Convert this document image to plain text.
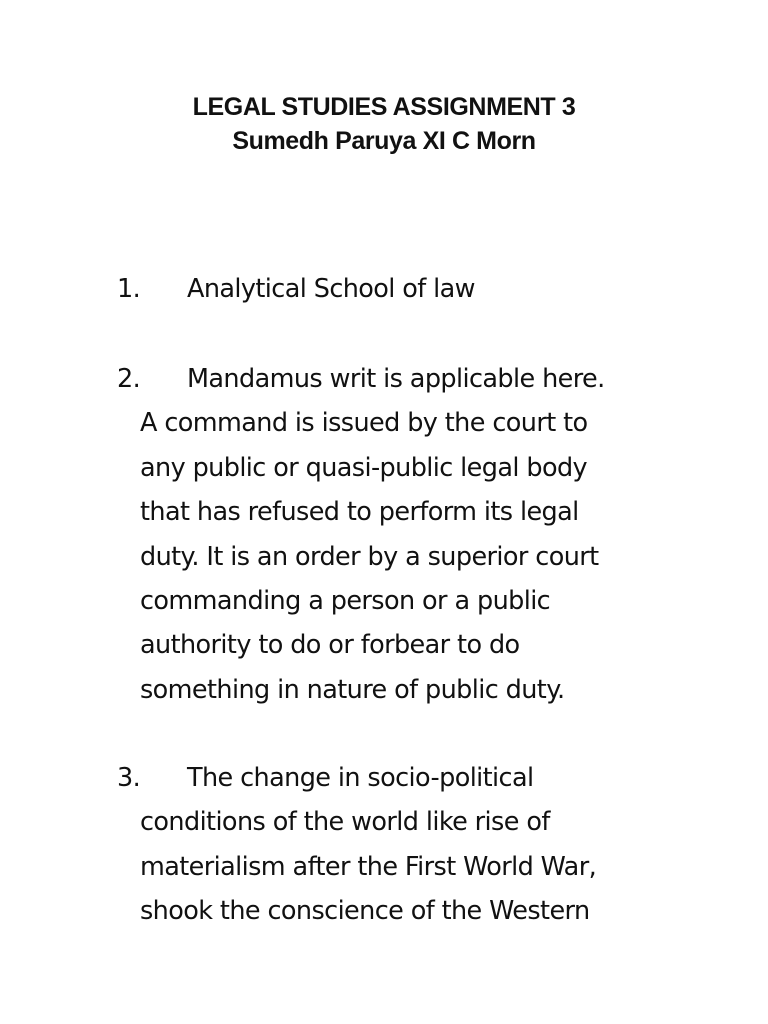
LEGAL STUDIES ASSIGNMENT 3
Sumedh Paruya XI C Morn
1. Analytical School of law
2. Mandamus writ is applicable here.
A command is issued by the court to
any public or quasi-public legal body
that has refused to perform its legal
duty. It is an order by a superior court
commanding a person or a public
authority to do or forbear to do
something in nature of public duty.
3. The change in socio-political
conditions of the world like rise of
materialism after the First World War,
shook the conscience of the Western
